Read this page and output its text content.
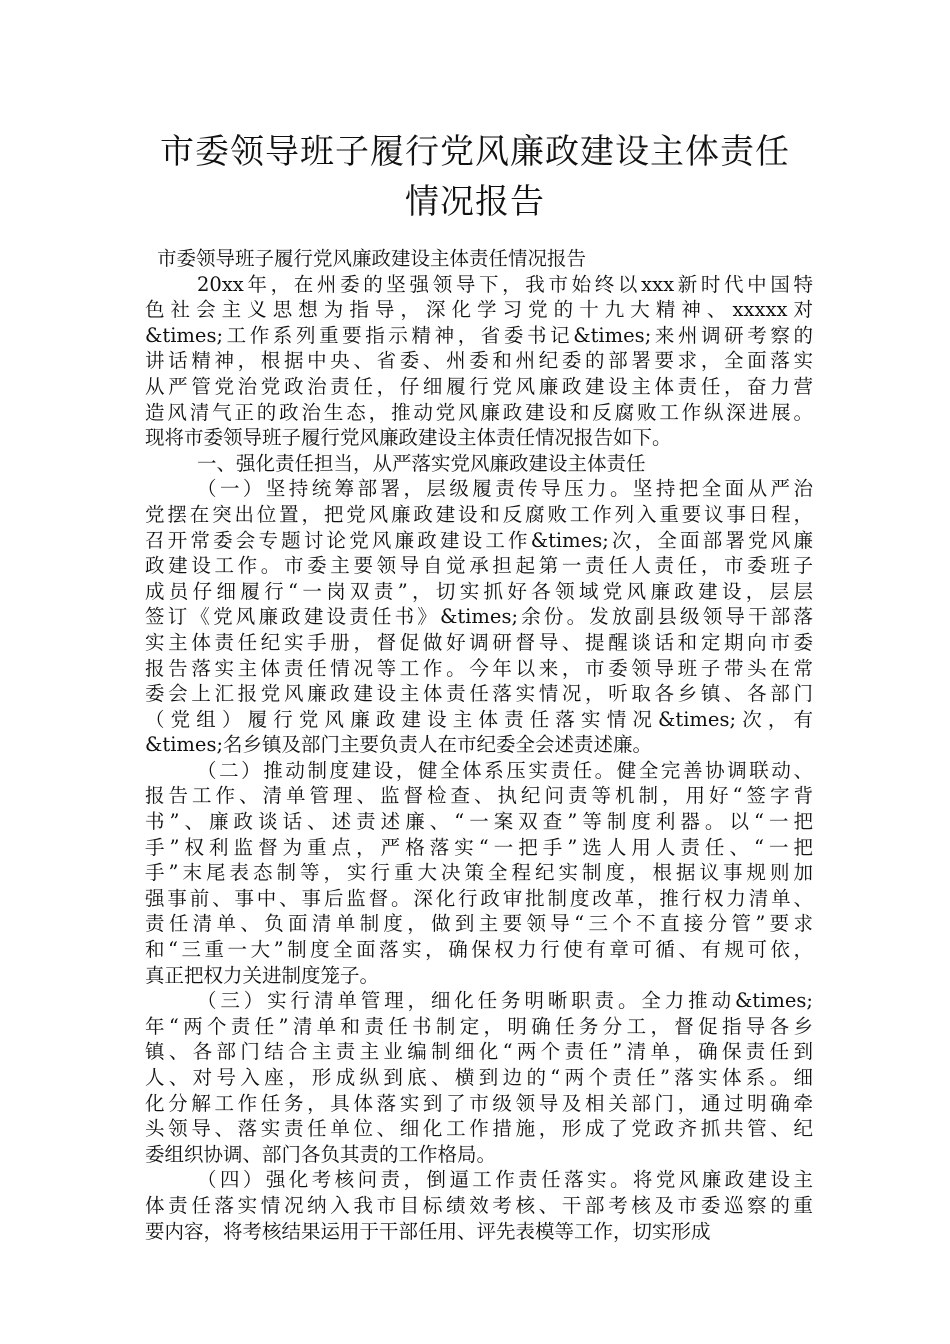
市委领导班子履行党风廉政建设主体责任
情况报告
市委领导班子履行党风廉政建设主体责任情况报告
20xx年，在州委的坚强领导下，我市始终以xxx新时代中国特
色社会主义思想为指导，深化学习党的十九大精神、xxxxx对
&times;工作系列重要指示精神，省委书记&times;来州调研考察的
讲话精神，根据中央、省委、州委和州纪委的部署要求，全面落实
从严管党治党政治责任，仔细履行党风廉政建设主体责任，奋力营
造风清气正的政治生态，推动党风廉政建设和反腐败工作纵深进展。
现将市委领导班子履行党风廉政建设主体责任情况报告如下。
一、强化责任担当，从严落实党风廉政建设主体责任
（一）坚持统筹部署，层级履责传导压力。坚持把全面从严治
党摆在突出位置，把党风廉政建设和反腐败工作列入重要议事日程，
召开常委会专题讨论党风廉政建设工作&times;次，全面部署党风廉
政建设工作。市委主要领导自觉承担起第一责任人责任，市委班子
成员仔细履行“一岗双责”，切实抓好各领域党风廉政建设，层层
签订《党风廉政建设责任书》&times;余份。发放副县级领导干部落
实主体责任纪实手册，督促做好调研督导、提醒谈话和定期向市委
报告落实主体责任情况等工作。今年以来，市委领导班子带头在常
委会上汇报党风廉政建设主体责任落实情况，听取各乡镇、各部门
（党组）履行党风廉政建设主体责任落实情况&times;次，有
&times;名乡镇及部门主要负责人在市纪委全会述责述廉。
（二）推动制度建设，健全体系压实责任。健全完善协调联动、
报告工作、清单管理、监督检查、执纪问责等机制，用好“签字背
书”、廉政谈话、述责述廉、“一案双查”等制度利器。以“一把
手”权利监督为重点，严格落实“一把手”选人用人责任、“一把
手”末尾表态制等，实行重大决策全程纪实制度，根据议事规则加
强事前、事中、事后监督。深化行政审批制度改革，推行权力清单、
责任清单、负面清单制度，做到主要领导“三个不直接分管”要求
和“三重一大”制度全面落实，确保权力行使有章可循、有规可依，
真正把权力关进制度笼子。
（三）实行清单管理，细化任务明晰职责。全力推动&times;
年“两个责任”清单和责任书制定，明确任务分工，督促指导各乡
镇、各部门结合主责主业编制细化“两个责任”清单，确保责任到
人、对号入座，形成纵到底、横到边的“两个责任”落实体系。细
化分解工作任务，具体落实到了市级领导及相关部门，通过明确牵
头领导、落实责任单位、细化工作措施，形成了党政齐抓共管、纪
委组织协调、部门各负其责的工作格局。
（四）强化考核问责，倒逼工作责任落实。将党风廉政建设主
体责任落实情况纳入我市目标绩效考核、干部考核及市委巡察的重
要内容，将考核结果运用于干部任用、评先表模等工作，切实形成
